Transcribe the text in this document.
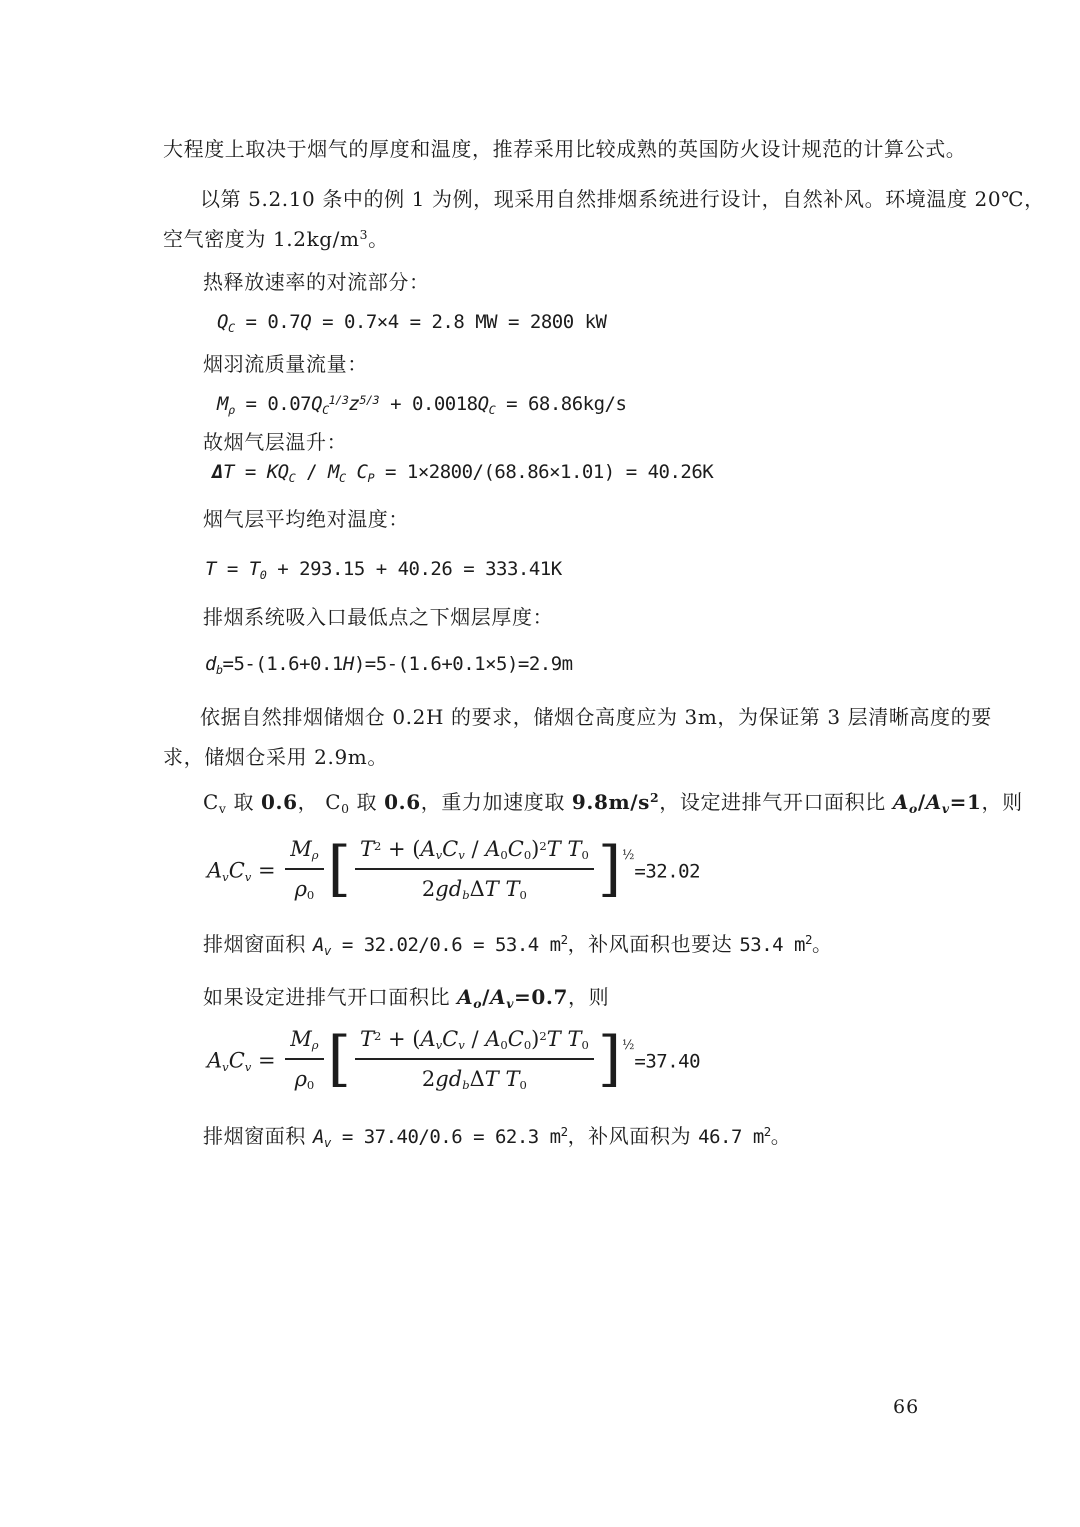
大程度上取决于烟气的厚度和温度，推荐采用比较成熟的英国防火设计规范的计算公式。
以第 5.2.10 条中的例 1 为例，现采用自然排烟系统进行设计，自然补风。环境温度 20℃，
空气密度为 $1.2kg/m^3$。
热释放速率的对流部分：
$Q_C = 0.7Q = 0.7\times 4 = 2.8$ MW = 2800 kW
烟羽流质量流量：
$M_\rho = 0.07Q_C^{1/3}z^{5/3} + 0.0018Q_C = 68.86kg/s$
故烟气层温升：
$\Delta T = KQ_C / M_C$ $C_P = 1\times 2800/(68.86\times 1.01) = 40.26K$
烟气层平均绝对温度：
$T = T_0 + 293.15 + 40.26 = 333.41K$
排烟系统吸入口最低点之下烟层厚度：
$d_b=5-(1.6+0.1H)=5-(1.6+0.1\times 5)=2.9m$
依据自然排烟储烟仓 0.2H 的要求，储烟仓高度应为 3m，为保证第 3 层清晰高度的要
求，储烟仓采用 2.9m。
$C_v$ 取 0.6， $C_0$ 取 0.6，重力加速度取 $9.8m/s^2$，设定进排气开口面积比 $A_o/A_v=1$，则
$A_vC_v = \frac{M_\rho}{\rho_0}$ [ $\frac{T^2 + (A_vC_v / A_0C_0)^2T T_0}{2gd_b\Delta T T_0} ]^{\frac{1}{2}}=32.02$
排烟窗面积 $A_v = 32.02/0.6 = 53.4$ $m^2$，补风面积也要达 53.4 $m^2$。
如果设定进排气开口面积比 $A_o/A_v=0.7$，则
$A_vC_v = \frac{M_\rho}{\rho_0}$ [ $\frac{T^2 + (A_vC_v / A_0C_0)^2T T_0}{2gd_b\Delta T T_0} ]^{\frac{1}{2}}=37.40$
排烟窗面积 $A_v = 37.40/0.6 = 62.3$ $m^2$，补风面积为 46.7 $m^2$。
66
